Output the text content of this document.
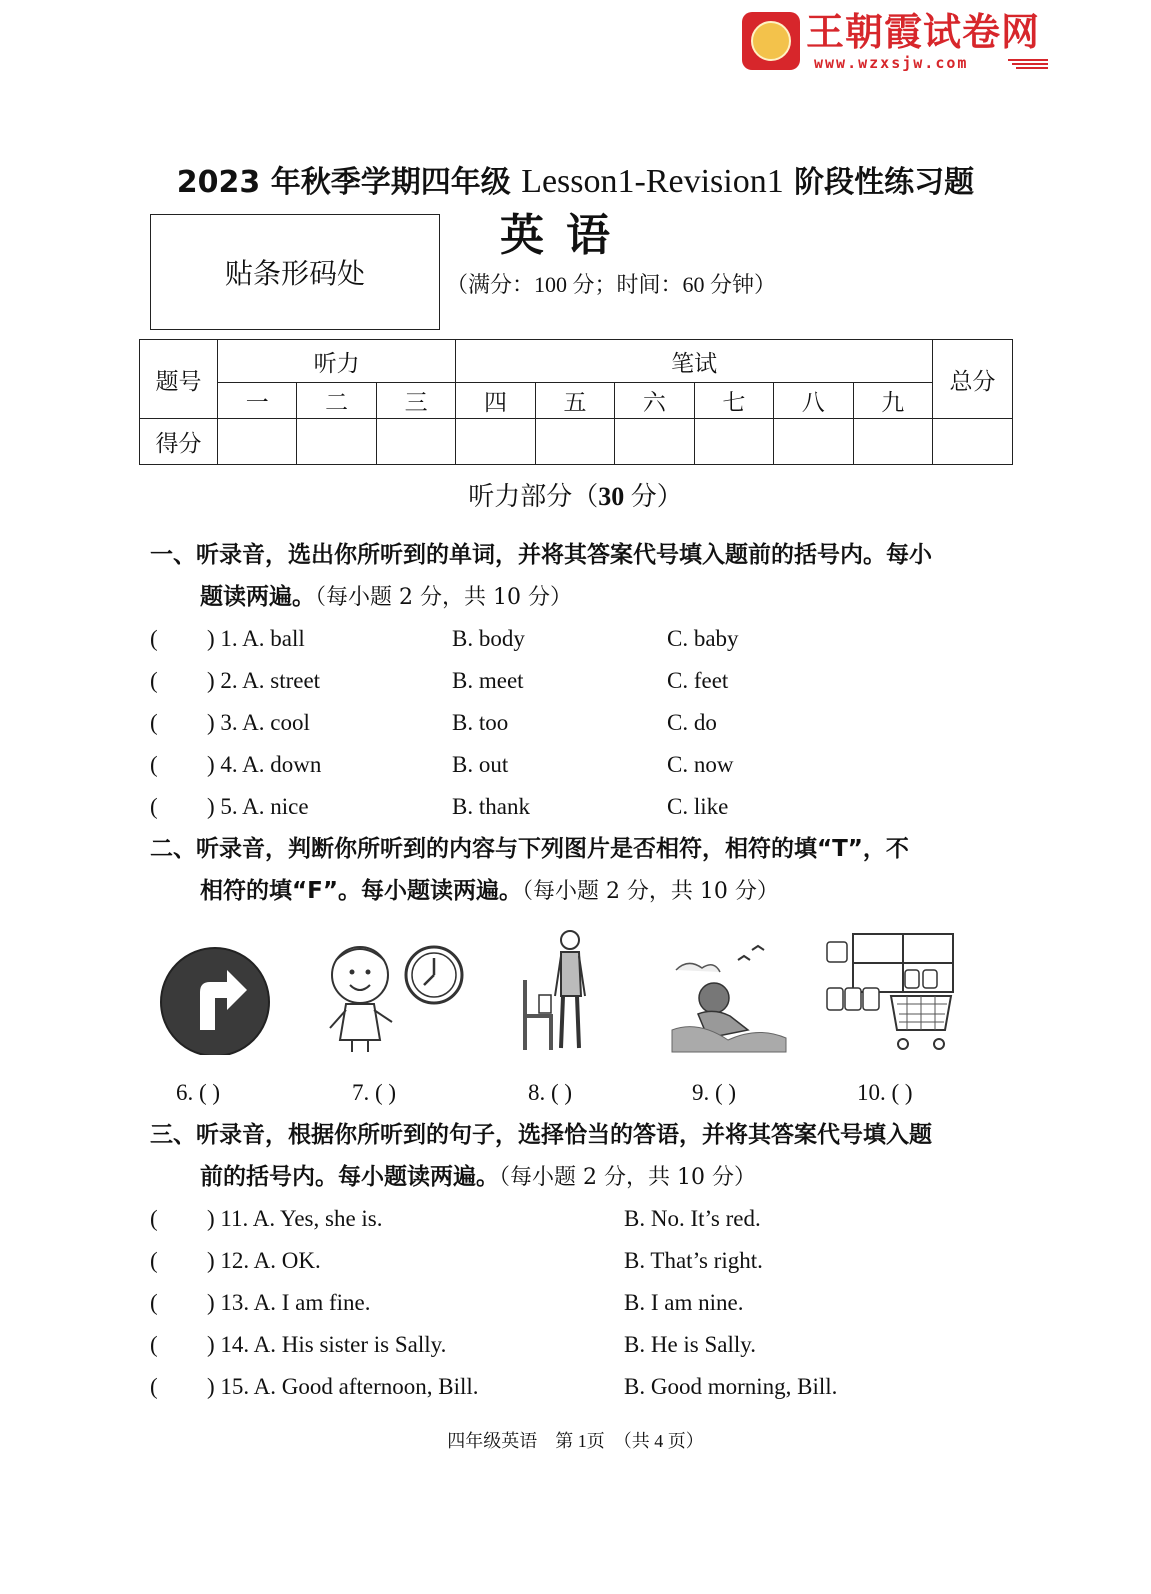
王朝霞试卷网
www.wzxsjw.com
2023 年秋季学期四年级 Lesson1-Revision1 阶段性练习题
贴条形码处
英语
（满分：100 分；时间：60 分钟）
题号	听力			笔试						总分
	一	二	三	四	五	六	七	八	九	
得分										
听力部分（30 分）
一、听录音，选出你所听到的单词，并将其答案代号填入题前的括号内。每小
题读两遍。（每小题 2 分，共 10 分）
( ) 1. A. ball	B. body	C. baby
( ) 2. A. street	B. meet	C. feet
( ) 3. A. cool	B. too	C. do
( ) 4. A. down	B. out	C. now
( ) 5. A. nice	B. thank	C. like
二、听录音，判断你所听到的内容与下列图片是否相符，相符的填“T”，不
相符的填“F”。每小题读两遍。（每小题 2 分，共 10 分）
6. ( )	7. ( )	8. ( )	9. ( )	10. ( )
三、听录音，根据你所听到的句子，选择恰当的答语，并将其答案代号填入题
前的括号内。每小题读两遍。（每小题 2 分，共 10 分）
( ) 11. A. Yes, she is.	B. No. It’s red.
( ) 12. A. OK.	B. That’s right.
( ) 13. A. I am fine.	B. I am nine.
( ) 14. A. His sister is Sally.	B. He is Sally.
( ) 15. A. Good afternoon, Bill.	B. Good morning, Bill.
四年级英语　第 1页　（共 4 页）
